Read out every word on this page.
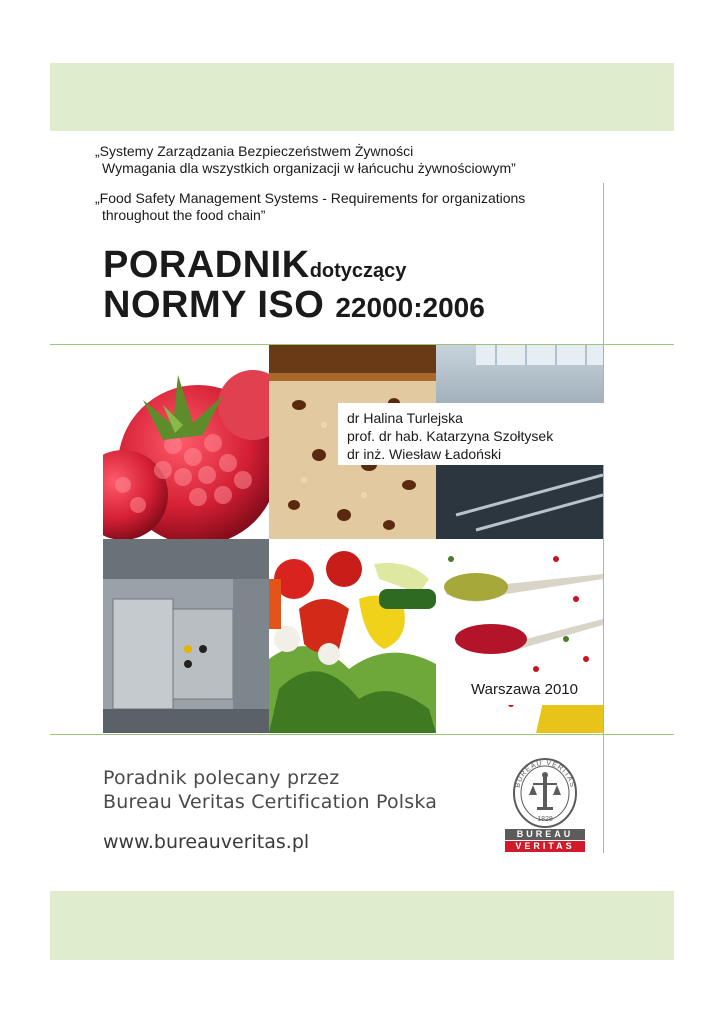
„Systemy Zarządzania Bezpieczeństwem Żywności
Wymagania dla wszystkich organizacji w łańcuchu żywnościowym”
„Food Safety Management Systems - Requirements for organizations
throughout the food chain”
PORADNIKdotyczący
NORMY ISO 22000:2006
dr Halina Turlejska
prof. dr hab. Katarzyna Szołtysek
dr inż. Wiesław Ładoński
Warszawa 2010
Poradnik polecany przez
Bureau Veritas Certification Polska
www.bureauveritas.pl
BUREAU VERITAS
1828
BUREAU
VERITAS
